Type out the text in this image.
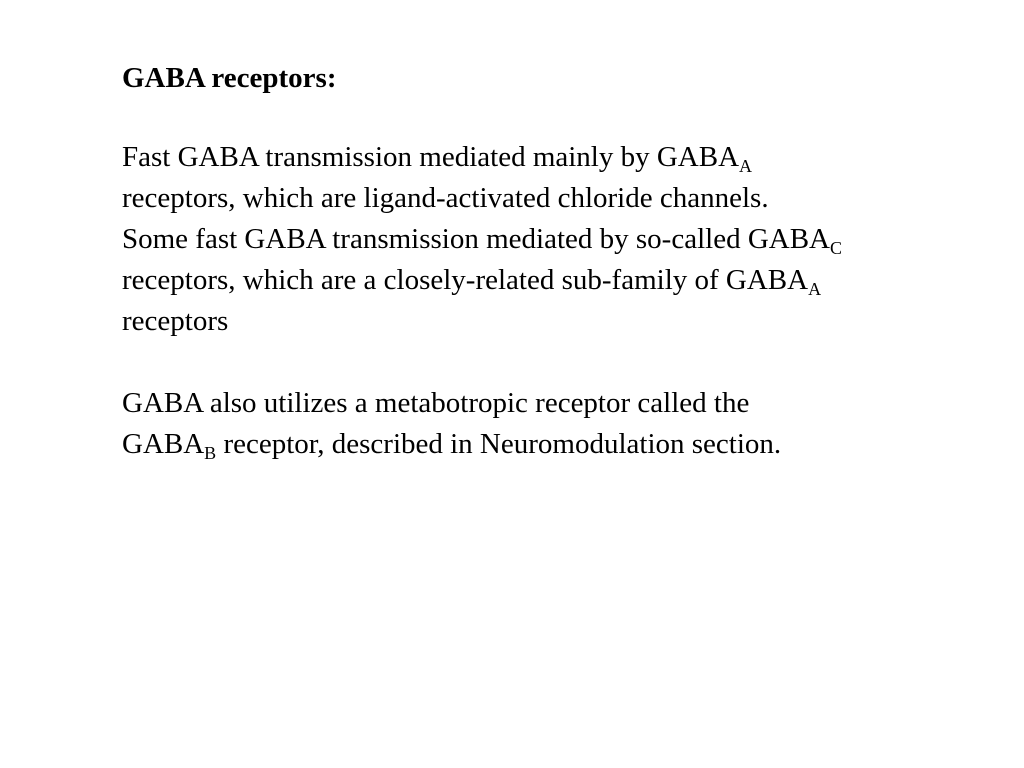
GABA receptors:
Fast GABA transmission mediated mainly by $GABA_A$
receptors, which are ligand-activated chloride channels.
Some fast GABA transmission mediated by so-called $GABA_C$
receptors, which are a closely-related sub-family of $GABA_A$
receptors
GABA also utilizes a metabotropic receptor called the
$GABA_B$ receptor, described in Neuromodulation section.
